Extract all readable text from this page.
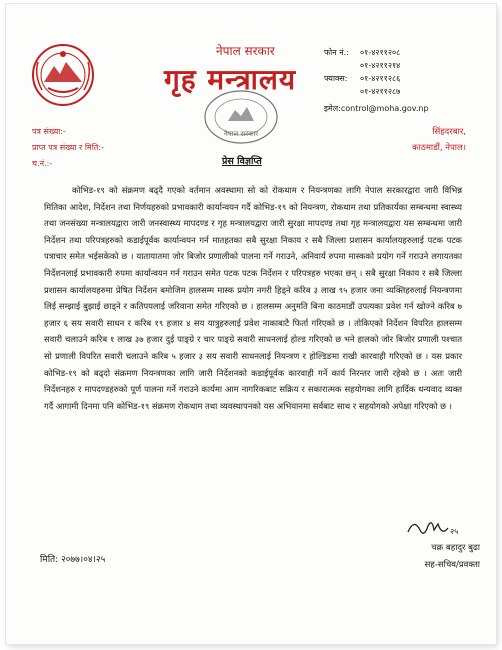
नेपाल सरकार
गृह मन्त्रालय
नेपाल सरकार
फोन नं.: ०१-४२११२०८
०१-४२११२१४
फ्याक्स: ०१-४२११२८६
०१-४२११२८७
इमेल:control@moha.gov.np
पत्र संख्या:-
प्राप्त पत्र संख्या र मिति:-
च.नं.:-
सिंहदरबार,
काठमाडौं, नेपाल।
प्रेस विज्ञप्ति

कोभिड-१९ को संक्रमण बढ्दै गएको वर्तमान अवस्थामा सो को रोकथाम र नियन्त्रणका लागि नेपाल सरकारद्वारा जारी विभिन्न मितिका आदेश, निर्देशन तथा निर्णयहरुको प्रभावकारी कार्यान्वयन गर्दै कोभिड-१९ को नियन्त्रण, रोकथाम तथा प्रतिकार्यका सम्बन्धमा स्वास्थ्य तथा जनसंख्या मन्त्रालयद्वारा जारी जनस्वास्थ्य मापदण्ड र गृह मन्त्रालयद्वारा जारी सुरक्षा मापदण्ड तथा गृह मन्त्रालयद्वारा यस सम्बन्धमा जारी निर्देशन तथा परिपत्रहरुको कडाईपूर्वक कार्यान्वयन गर्न मातहतका सबै सुरक्षा निकाय र सबै जिल्ला प्रशासन कार्यालयहरुलाई पटक पटक पत्राचार समेत भईसकेको छ । यातायातमा जोर बिजोर प्रणालीको पालना गर्ने गराउने, अनिवार्य रुपमा मास्कको प्रयोग गर्ने गराउने लगायतका निर्देशनलाई प्रभावकारी रुपमा कार्यान्वयन गर्न गराउन समेत पटक पटक निर्देशन र परिपत्रहरु भएका छन् । सबै सुरक्षा निकाय र सबै जिल्ला प्रशासन कार्यालयहरुमा प्रेषित निर्देशन बमोजिम हालसम्म मास्क प्रयोग नगरी हिड्ने करिब ३ लाख ९५ हजार जना व्यक्तिहरुलाई नियन्त्रणमा लिई सम्झाई बुझाई छाड्ने र कतिपयलाई जरिवाना समेत गरिएको छ । हालसम्म अनुमति बिना काठमाडौं उपत्यका प्रवेश गर्न खोज्ने करिब ७ हजार ६ सय सवारी साधन र करिब १९ हजार ४ सय यात्रुहरुलाई प्रवेश नाकाबाटै फिर्ता गरिएको छ । तोकिएको निर्देशन विपरित हालसम्म सवारी चलाउने करिब १ लाख ३७ हजार दुई पाङ्ग्रे र चार पाङ्ग्रे सवारी साधनलाई होल्ड गरिएको छ भने हालको जोर बिजोर प्रणाली पश्चात सो प्रणाली विपरित सवारी चलाउने करिब ५ हजार ३ सय सवारी साधनलाई नियन्त्रण र होल्डिङमा राखी कारवाही गरिएको छ । यस प्रकार कोभिड-१९ को बढ्दो संक्रमण नियन्त्रणका लागि जारी निर्देशनको कडाईपूर्वक कारवाही गर्ने कार्य निरन्तर जारी रहेको छ । अतः जारी निर्देशनहरु र मापदण्डहरुको पूर्ण पालना गर्ने गराउने कार्यमा आम नागरिकबाट सक्रिय र सकारात्मक सहयोगका लागि हार्दिक धन्यवाद व्यक्त गर्दै आगामी दिनमा पनि कोभिड-१९ संक्रमण रोकथाम तथा व्यवस्थापनको यस अभियानमा सर्वबाट साथ र सहयोगको अपेक्षा गरिएको छ ।

२५
चक्र बहादुर बुढा
सह-सचिव/प्रवक्ता
मिति: २०७७।०४।२५
